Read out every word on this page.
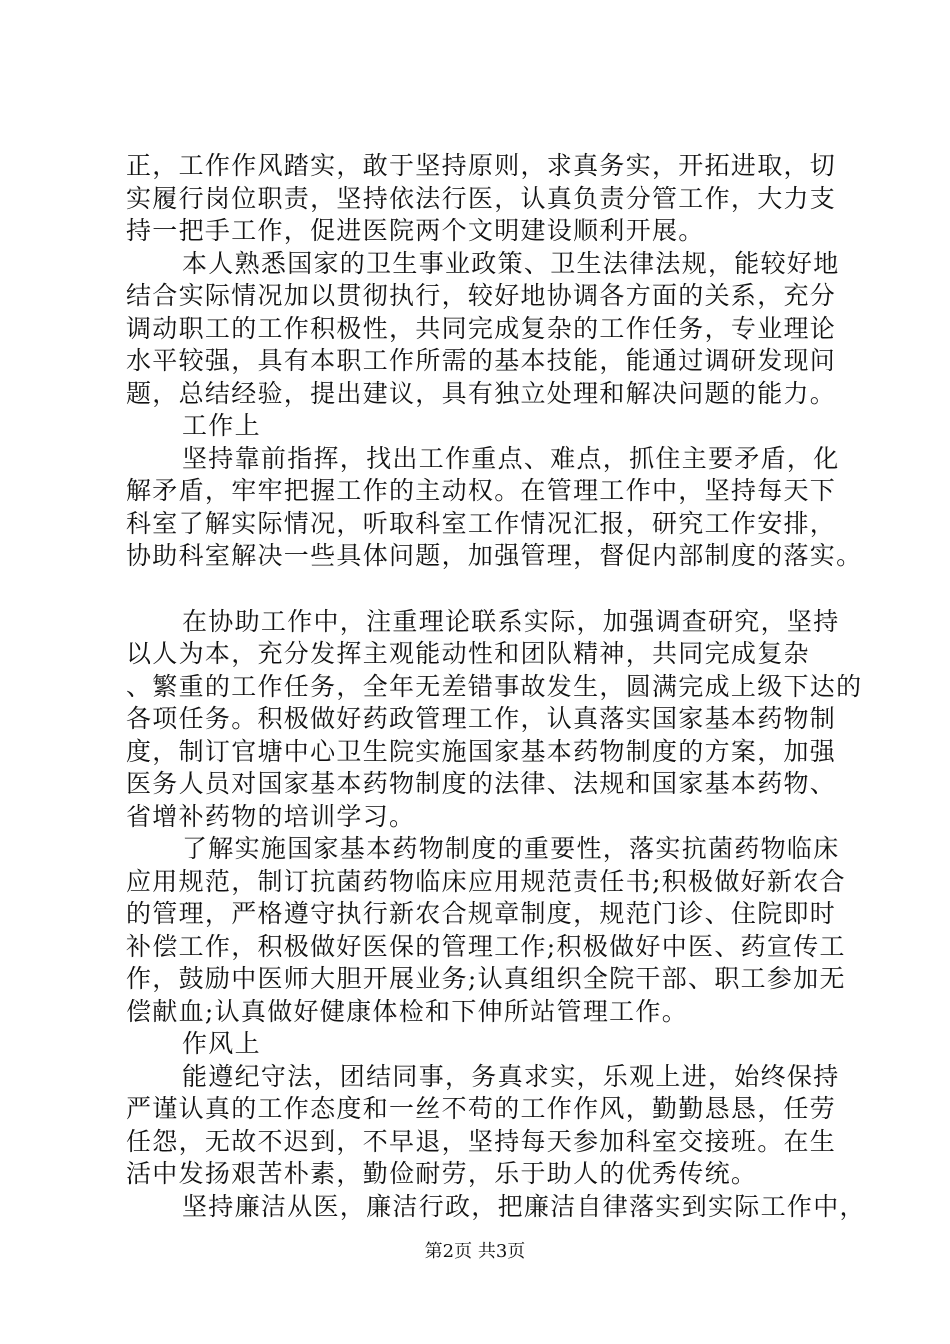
正，工作作风踏实，敢于坚持原则，求真务实，开拓进取，切
实履行岗位职责，坚持依法行医，认真负责分管工作，大力支
持一把手工作，促进医院两个文明建设顺利开展。
本人熟悉国家的卫生事业政策、卫生法律法规，能较好地
结合实际情况加以贯彻执行，较好地协调各方面的关系，充分
调动职工的工作积极性，共同完成复杂的工作任务，专业理论
水平较强，具有本职工作所需的基本技能，能通过调研发现问
题，总结经验，提出建议，具有独立处理和解决问题的能力。
工作上
坚持靠前指挥，找出工作重点、难点，抓住主要矛盾，化
解矛盾，牢牢把握工作的主动权。在管理工作中，坚持每天下
科室了解实际情况，听取科室工作情况汇报，研究工作安排，
协助科室解决一些具体问题，加强管理，督促内部制度的落实。
在协助工作中，注重理论联系实际，加强调查研究，坚持
以人为本，充分发挥主观能动性和团队精神，共同完成复杂
、繁重的工作任务，全年无差错事故发生，圆满完成上级下达的
各项任务。积极做好药政管理工作，认真落实国家基本药物制
度，制订官塘中心卫生院实施国家基本药物制度的方案，加强
医务人员对国家基本药物制度的法律、法规和国家基本药物、
省增补药物的培训学习。
了解实施国家基本药物制度的重要性，落实抗菌药物临床
应用规范，制订抗菌药物临床应用规范责任书;积极做好新农合
的管理，严格遵守执行新农合规章制度，规范门诊、住院即时
补偿工作，积极做好医保的管理工作;积极做好中医、药宣传工
作，鼓励中医师大胆开展业务;认真组织全院干部、职工参加无
偿献血;认真做好健康体检和下伸所站管理工作。
作风上
能遵纪守法，团结同事，务真求实，乐观上进，始终保持
严谨认真的工作态度和一丝不苟的工作作风，勤勤恳恳，任劳
任怨，无故不迟到，不早退，坚持每天参加科室交接班。在生
活中发扬艰苦朴素，勤俭耐劳，乐于助人的优秀传统。
坚持廉洁从医，廉洁行政，把廉洁自律落实到实际工作中，
第2页 共3页
